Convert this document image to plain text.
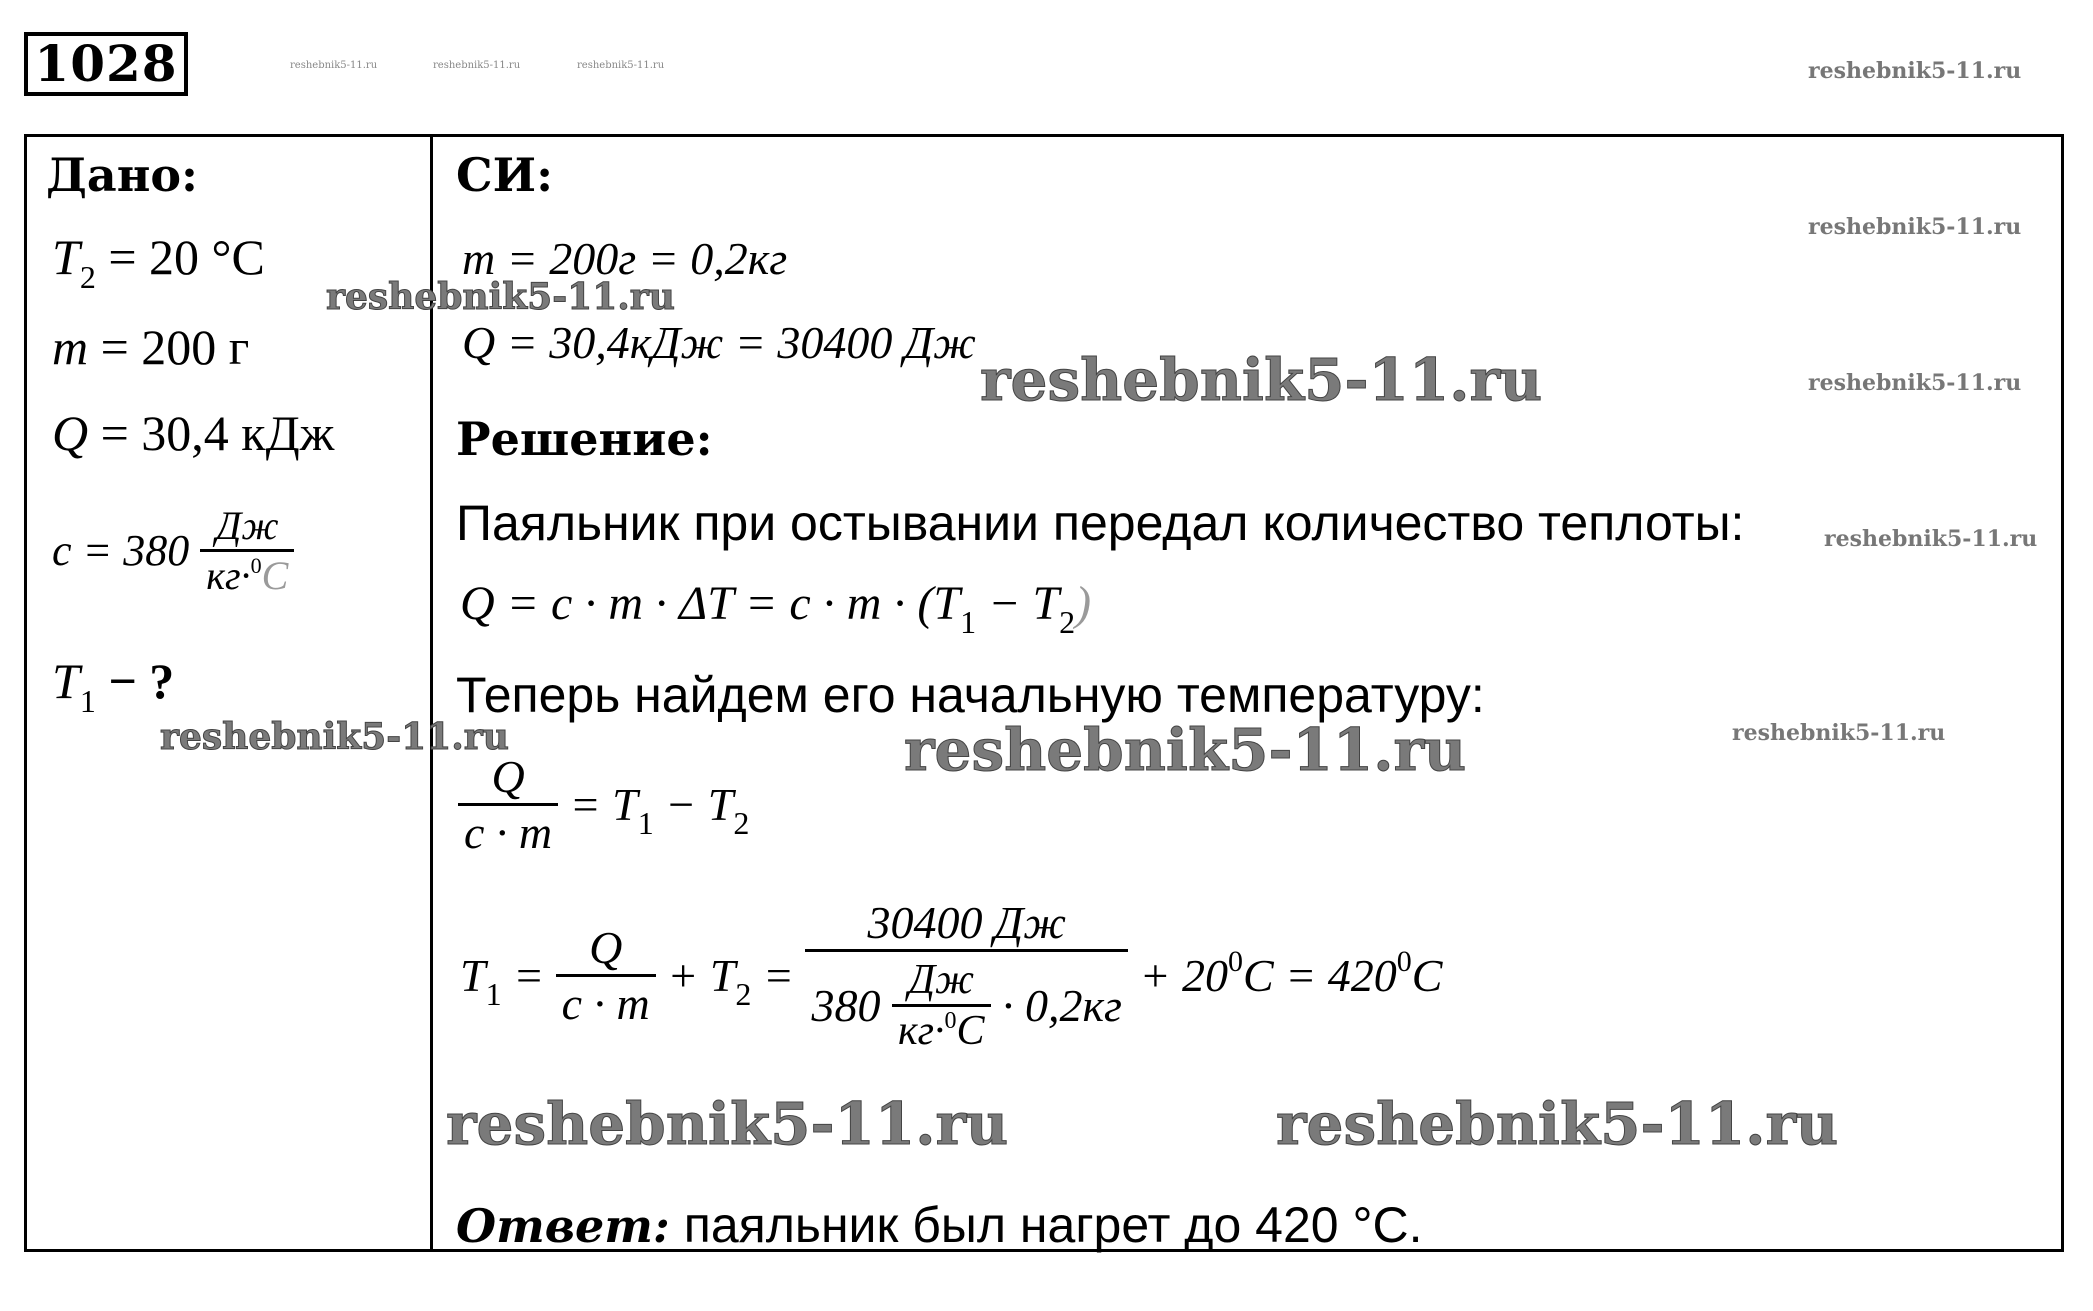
1028	reshebnik5-11.ru	reshebnik5-11.ru	reshebnik5-11.ru	reshebnik5-11.ru
Дано:
$T_2 = 20$ °C
m = 200 г
Q = 30,4 кДж
$c = 380 \frac{Дж}{кг\cdot^0C}$
$T_1$ − ?
СИ:
m = 200г = 0,2кг
Q = 30,4кДж = 30400 Дж
Решение:
Паяльник при остывании передал количество теплоты:
$Q = c \cdot m \cdot \Delta T = c \cdot m \cdot (T_1 - T_2)$
Теперь найдем его начальную температуру:
$\frac{Q}{c \cdot m} = T_1 - T_2$
$T_1 = \frac{Q}{c \cdot m} + T_2 = \frac{30400 Дж}{380 \frac{Дж}{кг\cdot^0C} \cdot 0,2кг} + 20^0C = 420^0C$
Ответ: паяльник был нагрет до 420 °C.
reshebnik5-11.ru
reshebnik5-11.ru
reshebnik5-11.ru
reshebnik5-11.ru
reshebnik5-11.ru	reshebnik5-11.ru
reshebnik5-11.ru
reshebnik5-11.ru
reshebnik5-11.ru
reshebnik5-11.ru
